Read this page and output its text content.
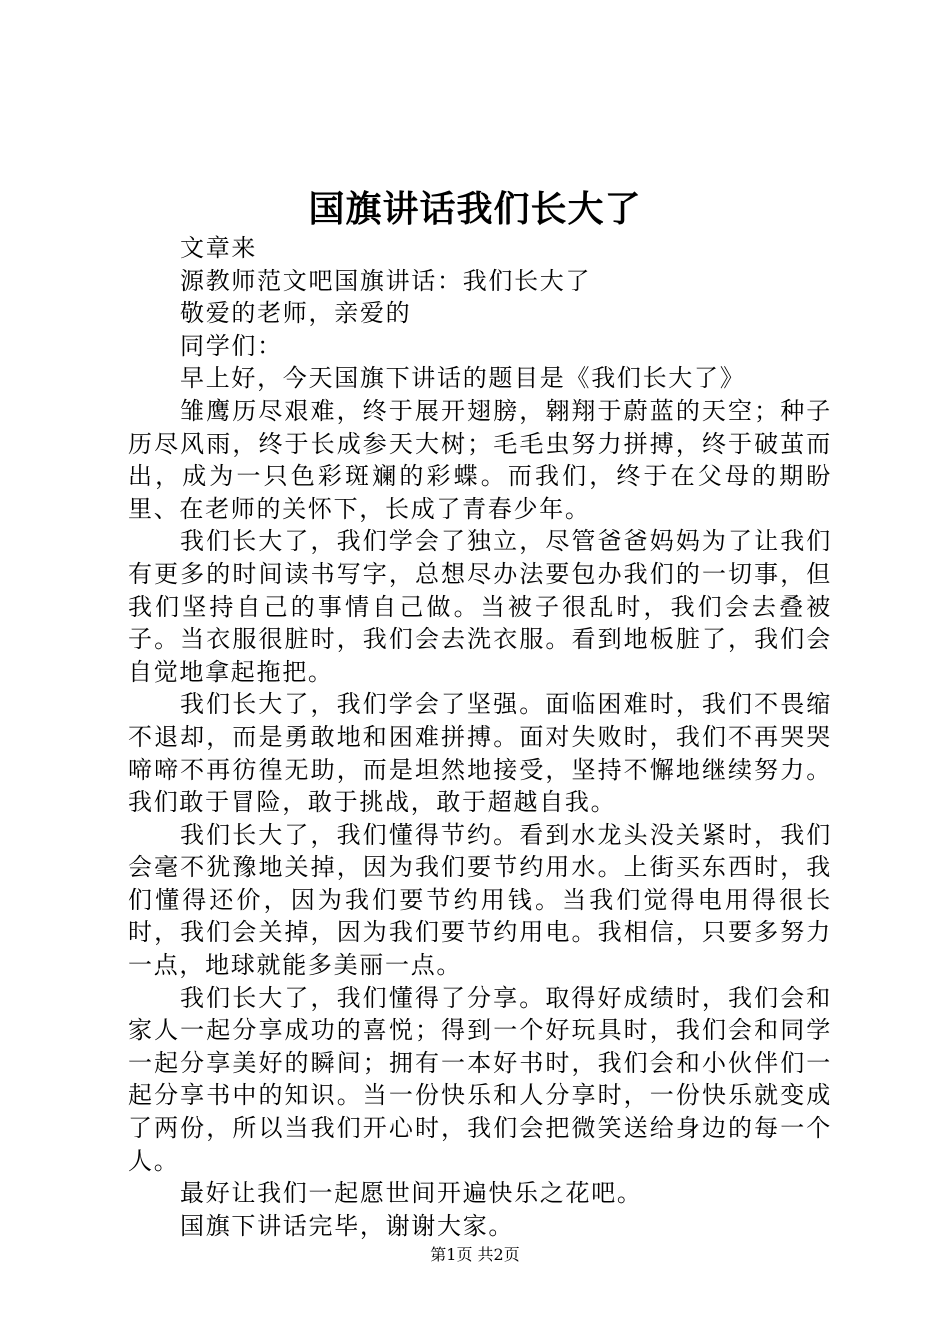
国旗讲话我们长大了

文章来

源教师范文吧国旗讲话：我们长大了

敬爱的老师，亲爱的

同学们：

早上好，今天国旗下讲话的题目是《我们长大了》

雏鹰历尽艰难，终于展开翅膀，翱翔于蔚蓝的天空；种子历尽风雨，终于长成参天大树；毛毛虫努力拼搏，终于破茧而出，成为一只色彩斑斓的彩蝶。而我们，终于在父母的期盼里、在老师的关怀下，长成了青春少年。

我们长大了，我们学会了独立，尽管爸爸妈妈为了让我们有更多的时间读书写字，总想尽办法要包办我们的一切事，但我们坚持自己的事情自己做。当被子很乱时，我们会去叠被子。当衣服很脏时，我们会去洗衣服。看到地板脏了，我们会自觉地拿起拖把。

我们长大了，我们学会了坚强。面临困难时，我们不畏缩不退却，而是勇敢地和困难拼搏。面对失败时，我们不再哭哭啼啼不再彷徨无助，而是坦然地接受，坚持不懈地继续努力。我们敢于冒险，敢于挑战，敢于超越自我。

我们长大了，我们懂得节约。看到水龙头没关紧时，我们会毫不犹豫地关掉，因为我们要节约用水。上街买东西时，我们懂得还价，因为我们要节约用钱。当我们觉得电用得很长时，我们会关掉，因为我们要节约用电。我相信，只要多努力一点，地球就能多美丽一点。

我们长大了，我们懂得了分享。取得好成绩时，我们会和家人一起分享成功的喜悦；得到一个好玩具时，我们会和同学一起分享美好的瞬间；拥有一本好书时，我们会和小伙伴们一起分享书中的知识。当一份快乐和人分享时，一份快乐就变成了两份，所以当我们开心时，我们会把微笑送给身边的每一个人。

最好让我们一起愿世间开遍快乐之花吧。

国旗下讲话完毕，谢谢大家。

第1页 共2页
